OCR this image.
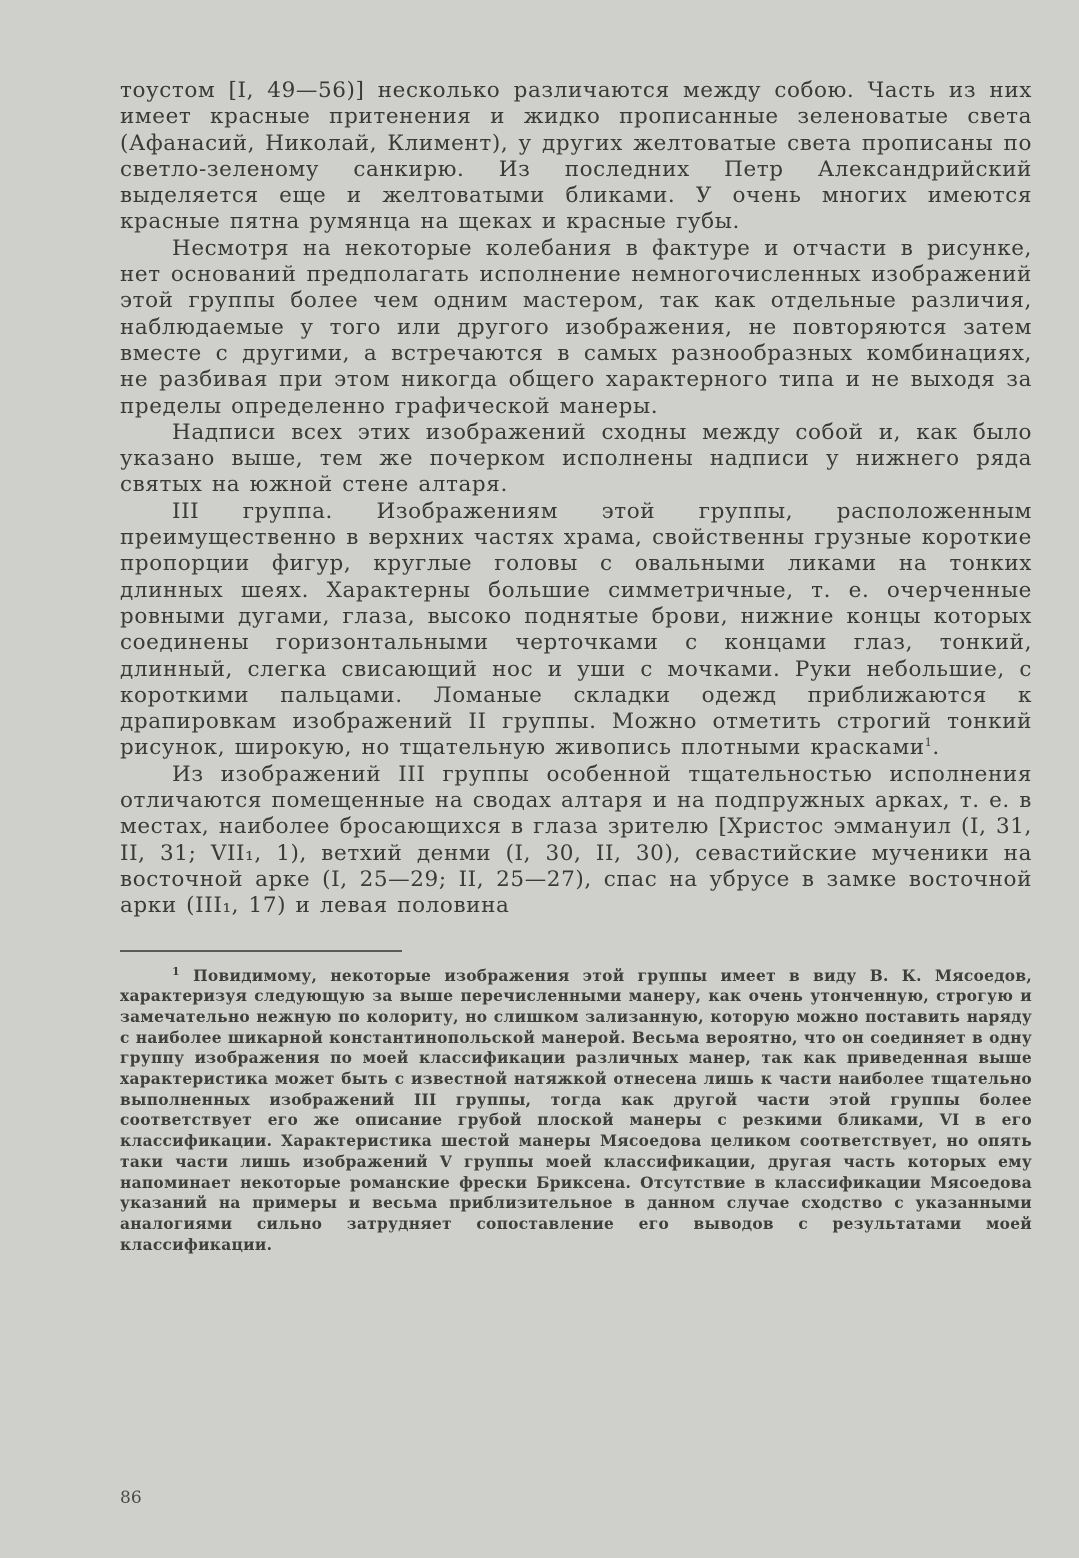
тоустом [I, 49—56)] несколько различаются между собою. Часть из них имеет красные притенения и жидко прописанные зеленоватые света (Афанасий, Николай, Климент), у других желтоватые света прописаны по светло-зеленому санкирю. Из последних Петр Александрийский выделяется еще и желтоватыми бликами. У очень многих имеются красные пятна румянца на щеках и красные губы.

Несмотря на некоторые колебания в фактуре и отчасти в рисунке, нет оснований предполагать исполнение немногочисленных изображений этой группы более чем одним мастером, так как отдельные различия, наблюдаемые у того или другого изображения, не повторяются затем вместе с другими, а встречаются в самых разнообразных комбинациях, не разбивая при этом никогда общего характерного типа и не выходя за пределы определенно графической манеры.

Надписи всех этих изображений сходны между собой и, как было указано выше, тем же почерком исполнены надписи у нижнего ряда святых на южной стене алтаря.

III группа. Изображениям этой группы, расположенным преимущественно в верхних частях храма, свойственны грузные короткие пропорции фигур, круглые головы с овальными ликами на тонких длинных шеях. Характерны большие симметричные, т. е. очерченные ровными дугами, глаза, высоко поднятые брови, нижние концы которых соединены горизонтальными черточками с концами глаз, тонкий, длинный, слегка свисающий нос и уши с мочками. Руки небольшие, с короткими пальцами. Ломаные складки одежд приближаются к драпировкам изображений II группы. Можно отметить строгий тонкий рисунок, широкую, но тщательную живопись плотными красками$^1$.

Из изображений III группы особенной тщательностью исполнения отличаются помещенные на сводах алтаря и на подпружных арках, т. е. в местах, наиболее бросающихся в глаза зрителю [Христос эммануил (I, 31, II, 31; VII₁, 1), ветхий денми (I, 30, II, 30), севастийские мученики на восточной арке (I, 25—29; II, 25—27), спас на убрусе в замке восточной арки (III₁, 17) и левая половина

$^1$ Повидимому, некоторые изображения этой группы имеет в виду В. К. Мясоедов, характеризуя следующую за выше перечисленными манеру, как очень утонченную, строгую и замечательно нежную по колориту, но слишком зализанную, которую можно поставить наряду с наиболее шикарной константинопольской манерой. Весьма вероятно, что он соединяет в одну группу изображения по моей классификации различных манер, так как приведенная выше характеристика может быть с известной натяжкой отнесена лишь к части наиболее тщательно выполненных изображений III группы, тогда как другой части этой группы более соответствует его же описание грубой плоской манеры с резкими бликами, VI в его классификации. Характеристика шестой манеры Мясоедова целиком соответствует, но опять таки части лишь изображений V группы моей классификации, другая часть которых ему напоминает некоторые романские фрески Бриксена. Отсутствие в классификации Мясоедова указаний на примеры и весьма приблизительное в данном случае сходство с указанными аналогиями сильно затрудняет сопоставление его выводов с результатами моей классификации.

86
